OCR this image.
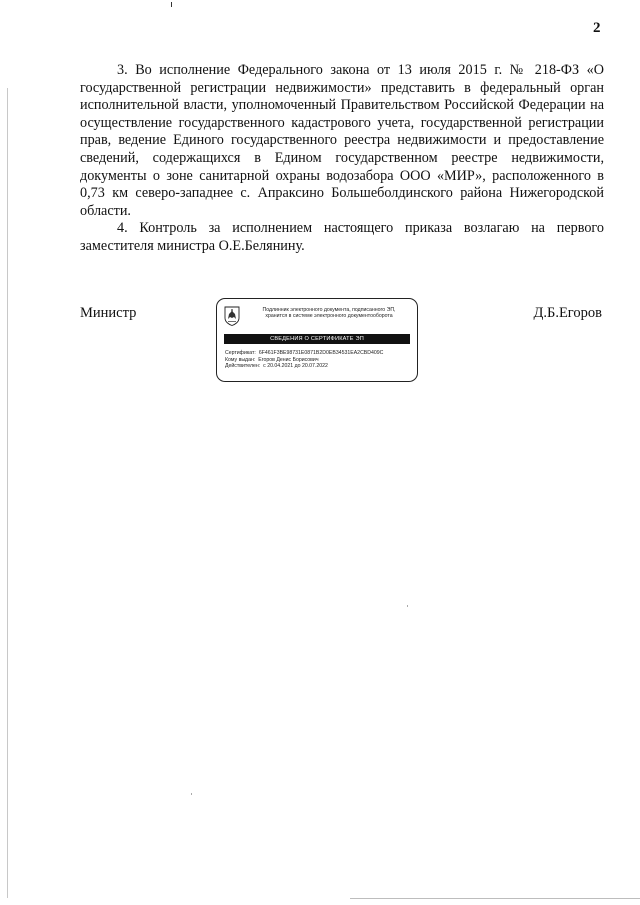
2

3. Во исполнение Федерального закона от 13 июля 2015 г. № 218-ФЗ «О государственной регистрации недвижимости» представить в федеральный орган исполнительной власти, уполномоченный Правительством Российской Федерации на осуществление государственного кадастрового учета, государственной регистрации прав, ведение Единого государственного реестра недвижимости и предоставление сведений, содержащихся в Едином государственном реестре недвижимости, документы о зоне санитарной охраны водозабора ООО «МИР», расположенного в 0,73 км северо-западнее с. Апраксино Большеболдинского района Нижегородской области.

4. Контроль за исполнением настоящего приказа возлагаю на первого заместителя министра О.Е.Белянину.

Министр	Подлинник электронного документа, подписанного ЭП,
хранится в системе электронного документооборота
СВЕДЕНИЯ О СЕРТИФИКАТЕ ЭП
Сертификат: 6F461F3BE98731E0871B2D0EB34531EA2CBD409C
Кому выдан: Егоров Денис Борисович
Действителен: с 20.04.2021 до 20.07.2022
Д.Б.Егоров
